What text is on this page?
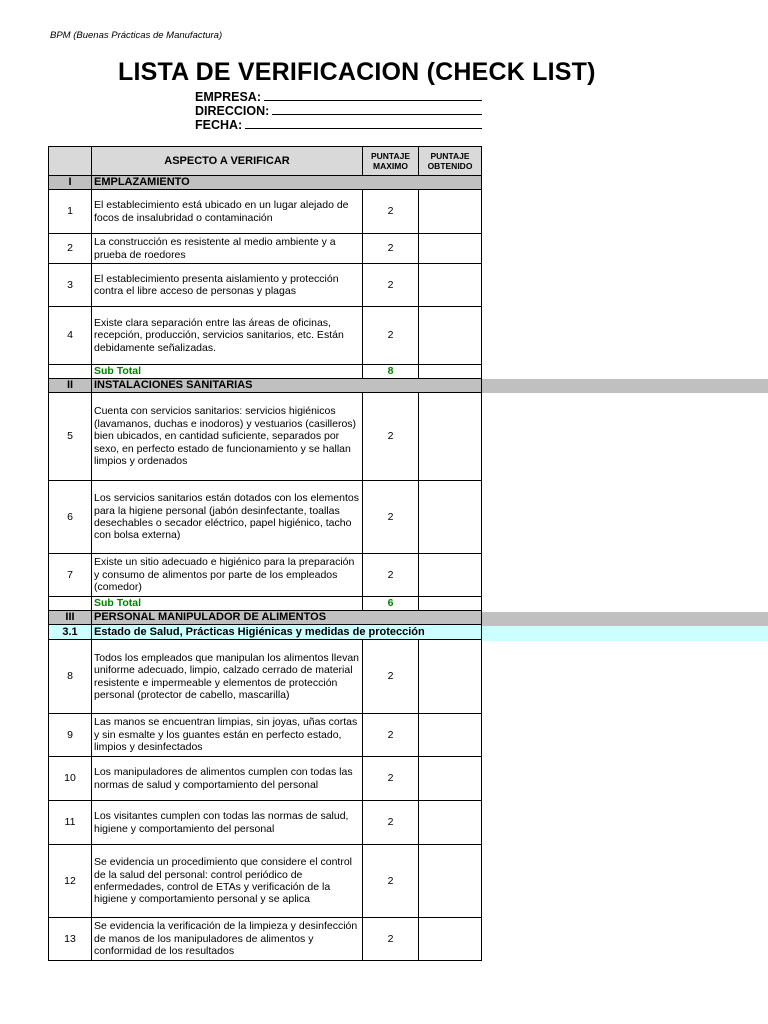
BPM (Buenas Prácticas de Manufactura)
LISTA DE VERIFICACION (CHECK LIST)
EMPRESA:
DIRECCION:
FECHA:
	ASPECTO A VERIFICAR	PUNTAJE MAXIMO	PUNTAJE OBTENIDO
I	EMPLAZAMIENTO		
1	El establecimiento está ubicado en un lugar alejado de focos de insalubridad o contaminación	2	
2	La construcción es resistente al medio ambiente y a prueba de roedores	2	
3	El establecimiento presenta aislamiento y protección contra el libre acceso de personas y plagas	2	
4	Existe clara separación entre las áreas de oficinas, recepción, producción, servicios sanitarios, etc. Están debidamente señalizadas.	2	
	Sub Total	8	
II	INSTALACIONES SANITARIAS		
5	Cuenta con servicios sanitarios: servicios higiénicos (lavamanos, duchas e inodoros) y vestuarios (casilleros) bien ubicados, en cantidad suficiente, separados por sexo, en perfecto estado de funcionamiento y se hallan limpios y ordenados	2	
6	Los servicios sanitarios están dotados con los elementos para la higiene personal (jabón desinfectante, toallas desechables o secador eléctrico, papel higiénico, tacho con bolsa externa)	2	
7	Existe un sitio adecuado e higiénico para la preparación y consumo de alimentos por parte de los empleados (comedor)	2	
	Sub Total	6	
III	PERSONAL MANIPULADOR DE ALIMENTOS		
3.1	Estado de Salud, Prácticas Higiénicas y medidas de protección		
8	Todos los empleados que manipulan los alimentos llevan uniforme adecuado, limpio, calzado cerrado de material resistente e impermeable y elementos de protección personal (protector de cabello, mascarilla)	2	
9	Las manos se encuentran limpias, sin joyas, uñas cortas y sin esmalte y los guantes están en perfecto estado, limpios y desinfectados	2	
10	Los manipuladores de alimentos cumplen con todas las normas de salud y comportamiento del personal	2	
11	Los visitantes cumplen con todas las normas de salud, higiene y comportamiento del personal	2	
12	Se evidencia un procedimiento que considere el control de la salud del personal: control periódico de enfermedades, control de ETAs y verificación de la higiene y comportamiento personal y se aplica	2	
13	Se evidencia la verificación de la limpieza y desinfección de manos de los manipuladores de alimentos y conformidad de los resultados	2	
